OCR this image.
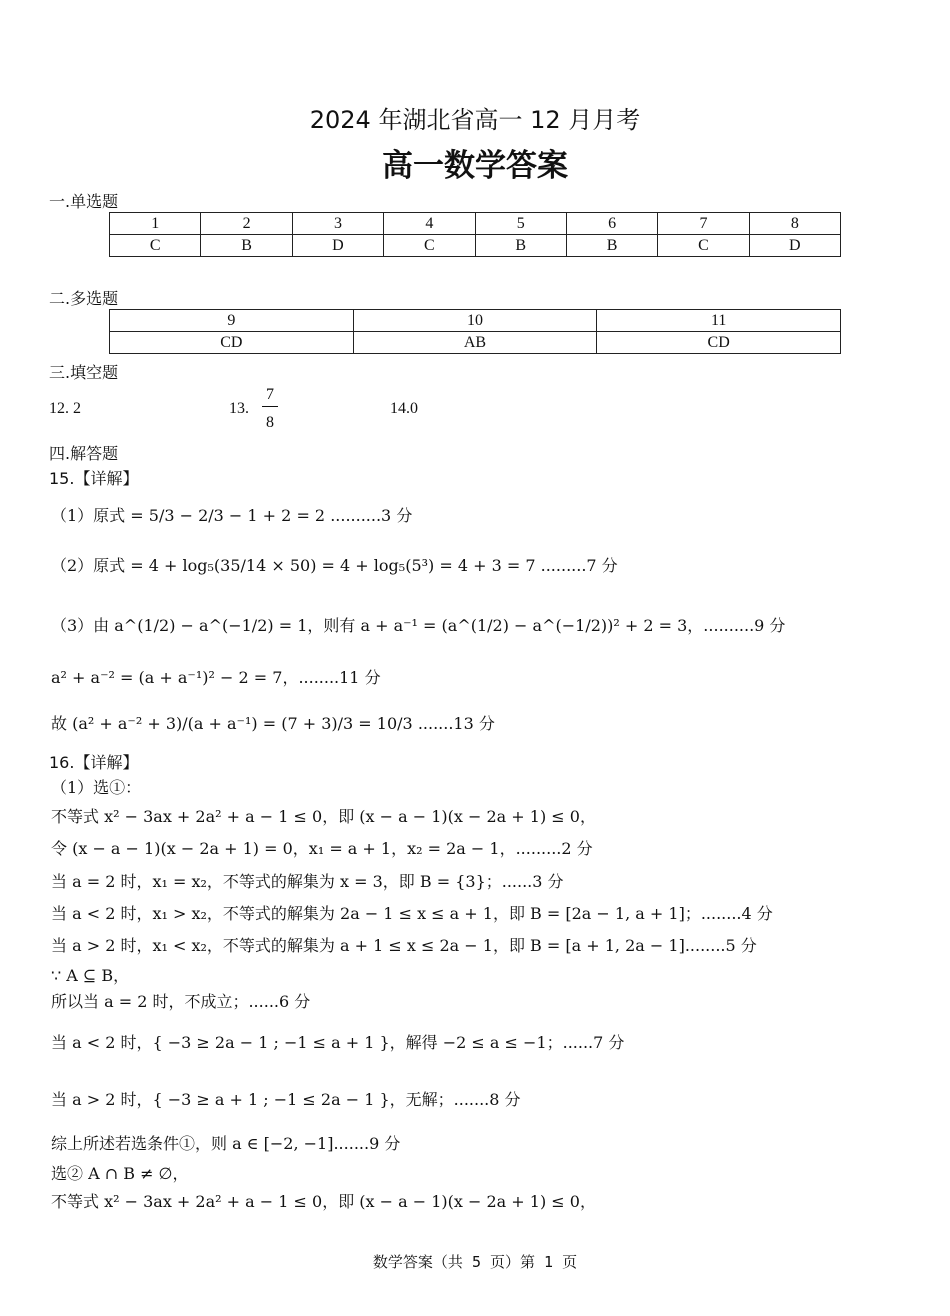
2024 年湖北省高一 12 月月考
高一数学答案
一.单选题
1	2	3	4	5	6	7	8
C	B	D	C	B	B	C	D
二.多选题
9	10	11
CD	AB	CD
三.填空题
12. 2	13.
7
8
14.0
四.解答题
15.【详解】
（1）原式 = 5/3 − 2/3 − 1 + 2 = 2 ..........3 分
（2）原式 = 4 + log₅(35/14 × 50) = 4 + log₅(5³) = 4 + 3 = 7 .........7 分
（3）由 a^(1/2) − a^(−1/2) = 1，则有 a + a⁻¹ = (a^(1/2) − a^(−1/2))² + 2 = 3，..........9 分
a² + a⁻² = (a + a⁻¹)² − 2 = 7，........11 分
故 (a² + a⁻² + 3)/(a + a⁻¹) = (7 + 3)/3 = 10/3 .......13 分
16.【详解】
（1）选①：
不等式 x² − 3ax + 2a² + a − 1 ≤ 0，即 (x − a − 1)(x − 2a + 1) ≤ 0，
令 (x − a − 1)(x − 2a + 1) = 0，x₁ = a + 1，x₂ = 2a − 1，.........2 分
当 a = 2 时，x₁ = x₂，不等式的解集为 x = 3，即 B = {3}；......3 分
当 a < 2 时，x₁ > x₂，不等式的解集为 2a − 1 ≤ x ≤ a + 1，即 B = [2a − 1, a + 1]；........4 分
当 a > 2 时，x₁ < x₂，不等式的解集为 a + 1 ≤ x ≤ 2a − 1，即 B = [a + 1, 2a − 1]........5 分
∵ A ⊆ B，
所以当 a = 2 时，不成立；......6 分
当 a < 2 时，{ −3 ≥ 2a − 1 ; −1 ≤ a + 1 }，解得 −2 ≤ a ≤ −1；......7 分
当 a > 2 时，{ −3 ≥ a + 1 ; −1 ≤ 2a − 1 }，无解；.......8 分
综上所述若选条件①，则 a ∈ [−2, −1].......9 分
选② A ∩ B ≠ ∅，
不等式 x² − 3ax + 2a² + a − 1 ≤ 0，即 (x − a − 1)(x − 2a + 1) ≤ 0，
数学答案（共 5 页）第 1 页
